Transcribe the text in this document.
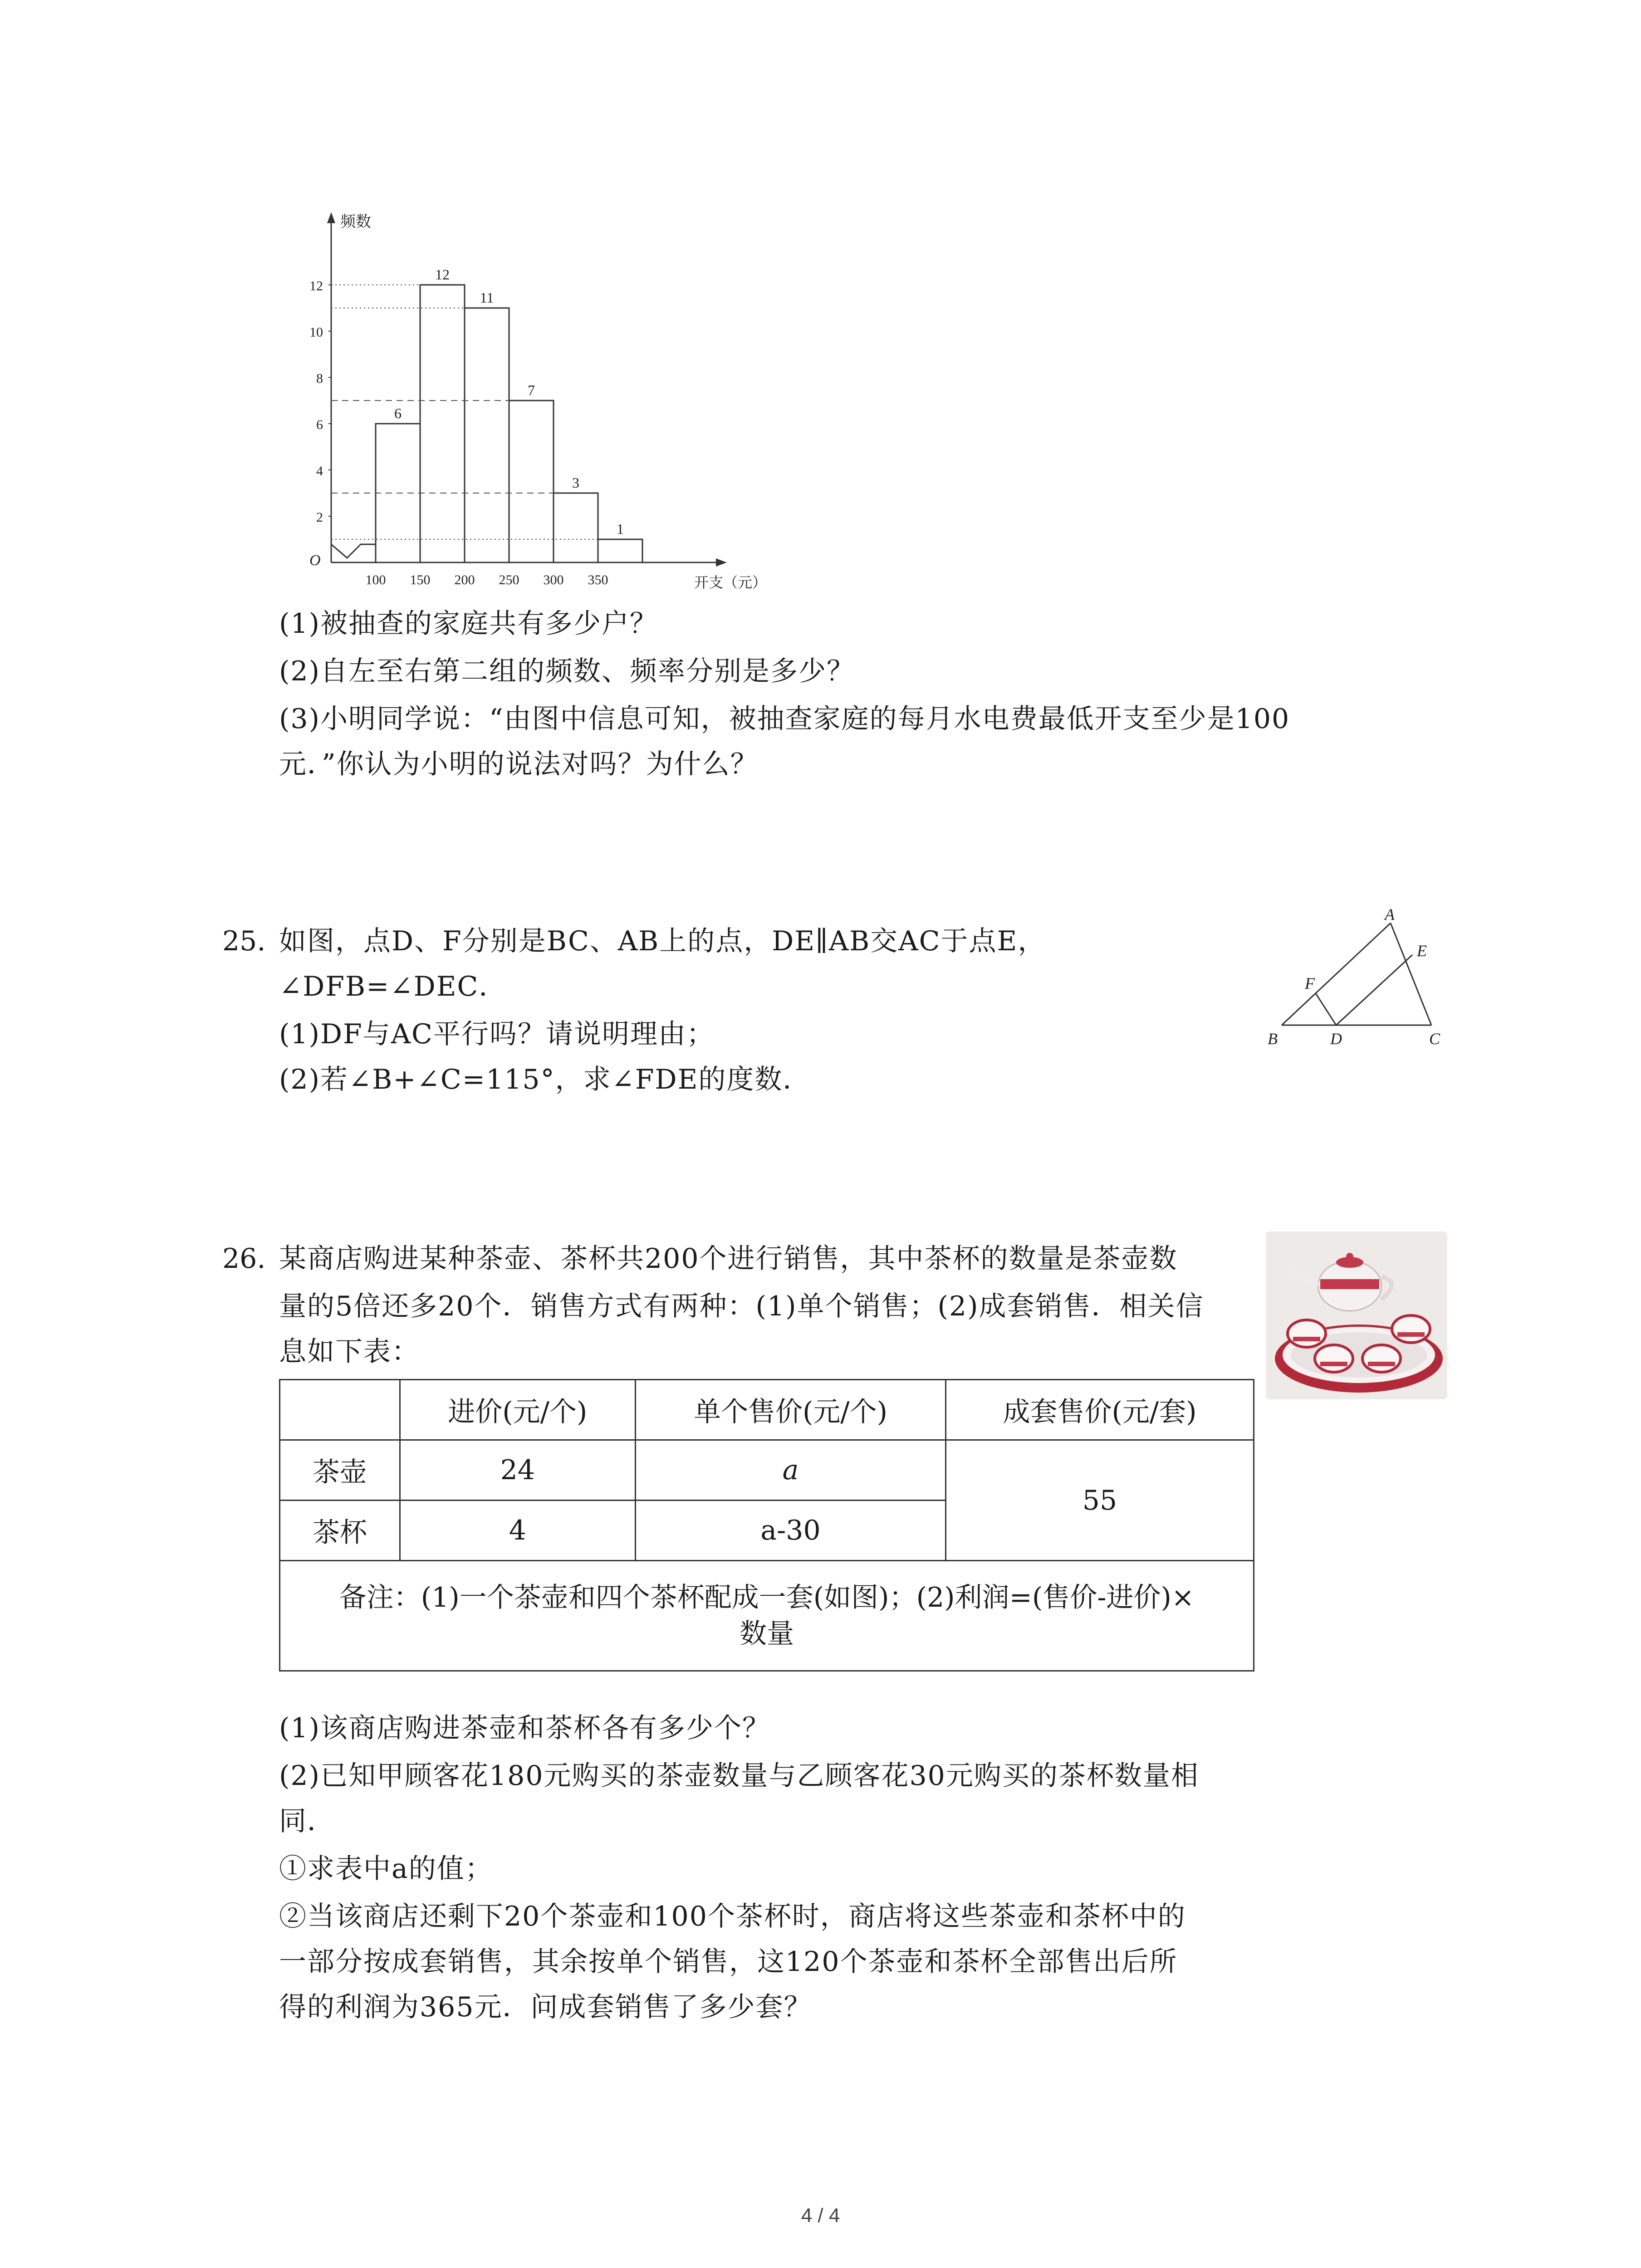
频数
开支（元）
O
2
4
6
8
10
12
100 150 200 250 300 350
6
12
11
7
3
1
(1)被抽查的家庭共有多少户？
(2)自左至右第二组的频数、频率分别是多少？
(3)小明同学说：“由图中信息可知，被抽查家庭的每月水电费最低开支至少是100
元．”你认为小明的说法对吗？为什么？
25. 如图，点D、F分别是BC、AB上的点，DE∥AB交AC于点E，
∠DFB=∠DEC．
(1)DF与AC平行吗？请说明理由；
(2)若∠B+∠C=115°，求∠FDE的度数．
A
B	C
D
E
F
26. 某商店购进某种茶壶、茶杯共200个进行销售，其中茶杯的数量是茶壶数
量的5倍还多20个．销售方式有两种：(1)单个销售；(2)成套销售．相关信
息如下表：
	进价(元/个)	单个售价(元/个)	成套售价(元/套)
茶壶	24	a	55
茶杯	4	a-30	
备注：(1)一个茶壶和四个茶杯配成一套(如图)；(2)利润=(售价-进价)×
数量			
(1)该商店购进茶壶和茶杯各有多少个？
(2)已知甲顾客花180元购买的茶壶数量与乙顾客花30元购买的茶杯数量相
同．
①求表中a的值；
②当该商店还剩下20个茶壶和100个茶杯时，商店将这些茶壶和茶杯中的
一部分按成套销售，其余按单个销售，这120个茶壶和茶杯全部售出后所
得的利润为365元．问成套销售了多少套？
4 / 4
